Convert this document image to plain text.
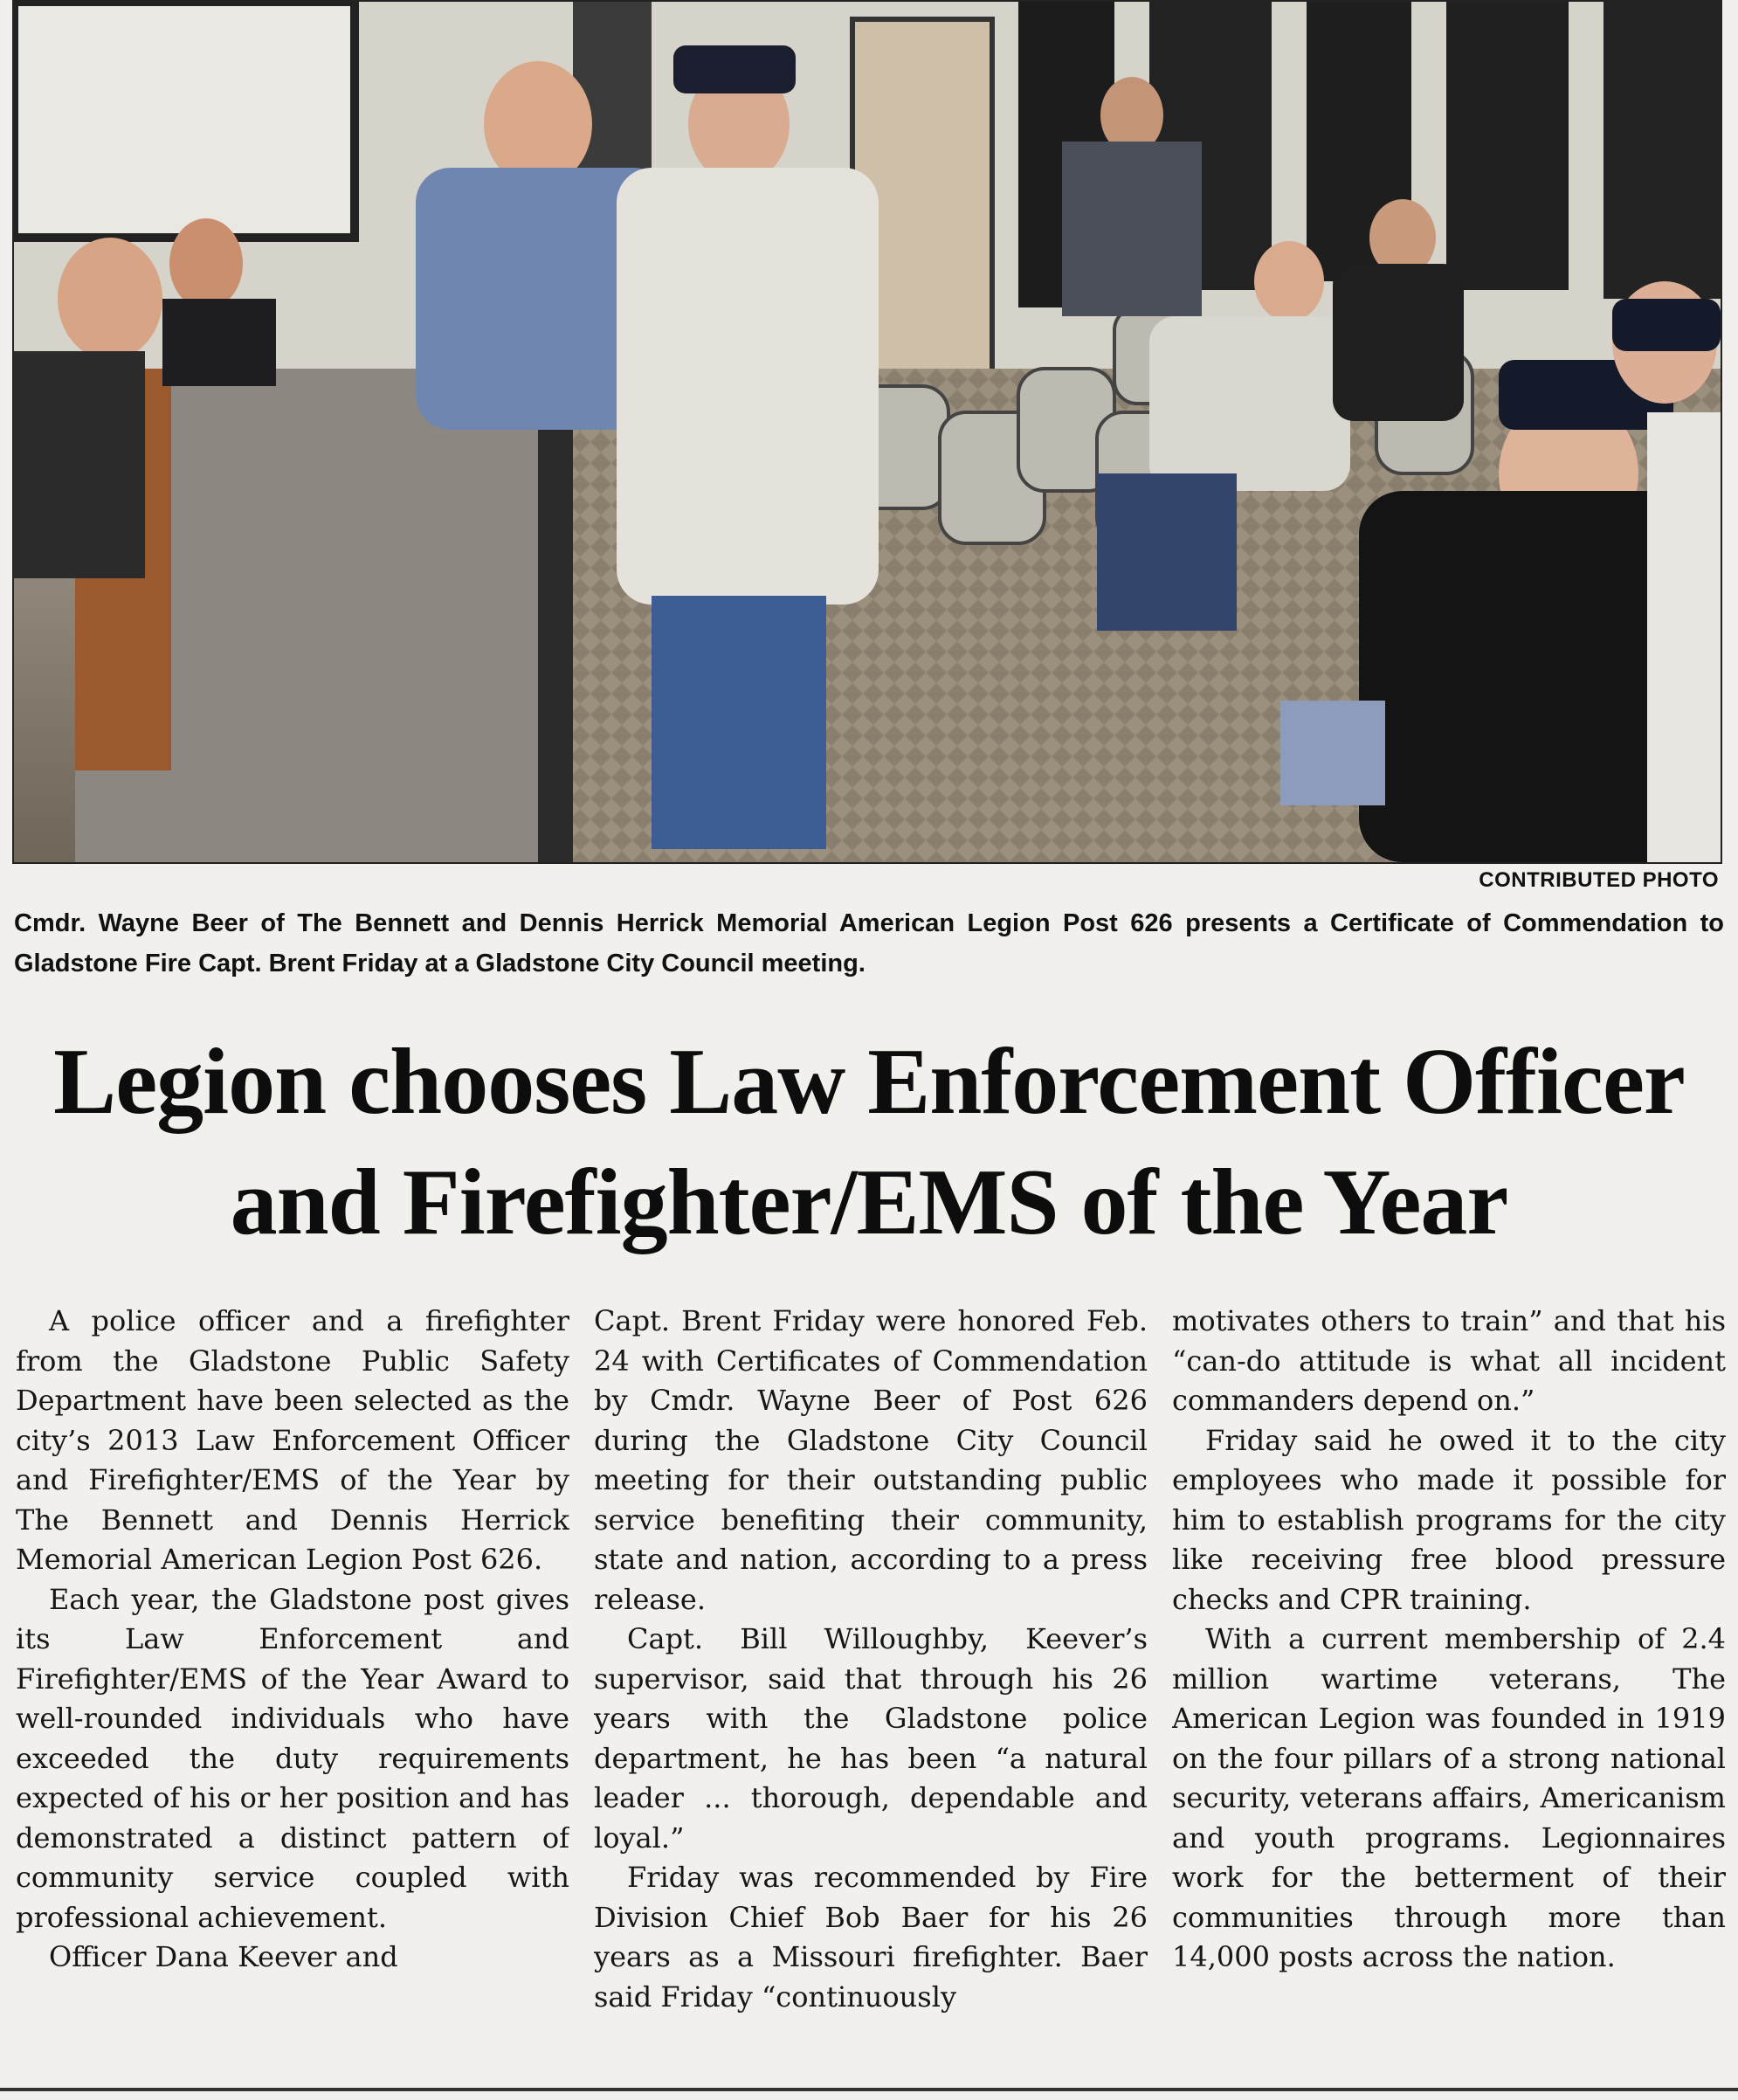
CONTRIBUTED PHOTO
Cmdr. Wayne Beer of The Bennett and Dennis Herrick Memorial American Legion Post 626 presents a Certificate of Commendation to Gladstone Fire Capt. Brent Friday at a Gladstone City Council meeting.
Legion chooses Law Enforcement Officer
and Firefighter/EMS of the Year

A police officer and a firefighter from the Gladstone Public Safety Department have been selected as the city’s 2013 Law Enforcement Officer and Firefighter/EMS of the Year by The Bennett and Dennis Herrick Memorial American Legion Post 626.

Each year, the Gladstone post gives its Law Enforcement and Firefighter/EMS of the Year Award to well-rounded individuals who have exceeded the duty requirements expected of his or her position and has demonstrated a distinct pattern of community service coupled with professional achievement.

Officer Dana Keever and

Capt. Brent Friday were honored Feb. 24 with Certificates of Commendation by Cmdr. Wayne Beer of Post 626 during the Gladstone City Council meeting for their outstanding public service benefiting their community, state and nation, according to a press release.

Capt. Bill Willoughby, Keever’s supervisor, said that through his 26 years with the Gladstone police department, he has been “a natural leader ... thorough, dependable and loyal.”

Friday was recommended by Fire Division Chief Bob Baer for his 26 years as a Missouri firefighter. Baer said Friday “continuously

motivates others to train” and that his “can-do attitude is what all incident commanders depend on.”

Friday said he owed it to the city employees who made it possible for him to establish programs for the city like receiving free blood pressure checks and CPR training.

With a current membership of 2.4 million wartime veterans, The American Legion was founded in 1919 on the four pillars of a strong national security, veterans affairs, Americanism and youth programs. Legionnaires work for the betterment of their communities through more than 14,000 posts across the nation.
